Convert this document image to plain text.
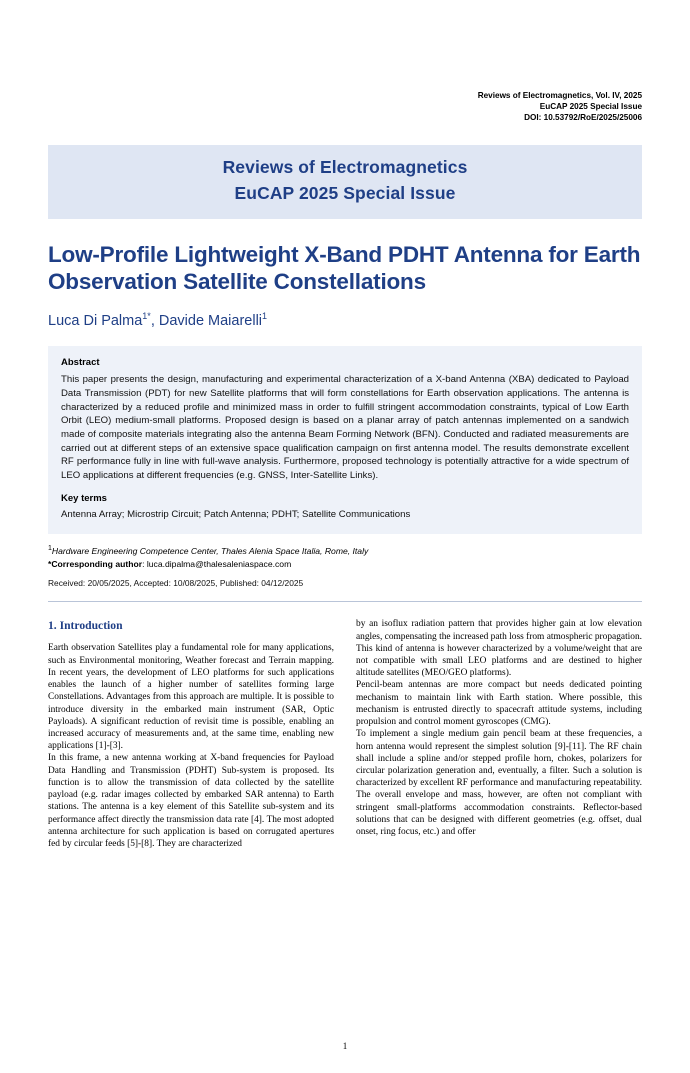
Reviews of Electromagnetics, Vol. IV, 2025
EuCAP 2025 Special Issue
DOI: 10.53792/RoE/2025/25006
Reviews of Electromagnetics
EuCAP 2025 Special Issue
Low-Profile Lightweight X-Band PDHT Antenna for Earth Observation Satellite Constellations
Luca Di Palma$^{1*}$, Davide Maiarelli$^1$
Abstract
This paper presents the design, manufacturing and experimental characterization of a X-band Antenna (XBA) dedicated to Payload Data Transmission (PDT) for new Satellite platforms that will form constellations for Earth observation applications. The antenna is characterized by a reduced profile and minimized mass in order to fulfill stringent accommodation constraints, typical of Low Earth Orbit (LEO) medium-small platforms. Proposed design is based on a planar array of patch antennas implemented on a sandwich made of composite materials integrating also the antenna Beam Forming Network (BFN). Conducted and radiated measurements are carried out at different steps of an extensive space qualification campaign on first antenna model. The results demonstrate excellent RF performance fully in line with full-wave analysis. Furthermore, proposed technology is potentially attractive for a wide spectrum of LEO applications at different frequencies (e.g. GNSS, Inter-Satellite Links).
Key terms
Antenna Array; Microstrip Circuit; Patch Antenna; PDHT; Satellite Communications
$^1$Hardware Engineering Competence Center, Thales Alenia Space Italia, Rome, Italy
*Corresponding author: luca.dipalma@thalesaleniaspace.com
Received: 20/05/2025, Accepted: 10/08/2025, Published: 04/12/2025
1. Introduction

Earth observation Satellites play a fundamental role for many applications, such as Environmental monitoring, Weather forecast and Terrain mapping. In recent years, the development of LEO platforms for such applications enables the launch of a higher number of satellites forming large Constellations. Advantages from this approach are multiple. It is possible to introduce diversity in the embarked main instrument (SAR, Optic Payloads). A significant reduction of revisit time is possible, enabling an increased accuracy of measurements and, at the same time, enabling new applications [1]-[3].

In this frame, a new antenna working at X-band frequencies for Payload Data Handling and Transmission (PDHT) Sub-system is proposed. Its function is to allow the transmission of data collected by the satellite payload (e.g. radar images collected by embarked SAR antenna) to Earth stations. The antenna is a key element of this Satellite sub-system and its performance affect directly the transmission data rate [4]. The most adopted antenna architecture for such application is based on corrugated apertures fed by circular feeds [5]-[8]. They are characterized

by an isoflux radiation pattern that provides higher gain at low elevation angles, compensating the increased path loss from atmospheric propagation. This kind of antenna is however characterized by a volume/weight that are not compatible with small LEO platforms and are destined to higher altitude satellites (MEO/GEO platforms).

Pencil-beam antennas are more compact but needs dedicated pointing mechanism to maintain link with Earth station. Where possible, this mechanism is entrusted directly to spacecraft attitude systems, including propulsion and control moment gyroscopes (CMG).

To implement a single medium gain pencil beam at these frequencies, a horn antenna would represent the simplest solution [9]-[11]. The RF chain shall include a spline and/or stepped profile horn, chokes, polarizers for circular polarization generation and, eventually, a filter. Such a solution is characterized by excellent RF performance and manufacturing repeatability. The overall envelope and mass, however, are often not compliant with stringent small-platforms accommodation constraints. Reflector-based solutions that can be designed with different geometries (e.g. offset, dual onset, ring focus, etc.) and offer

1
